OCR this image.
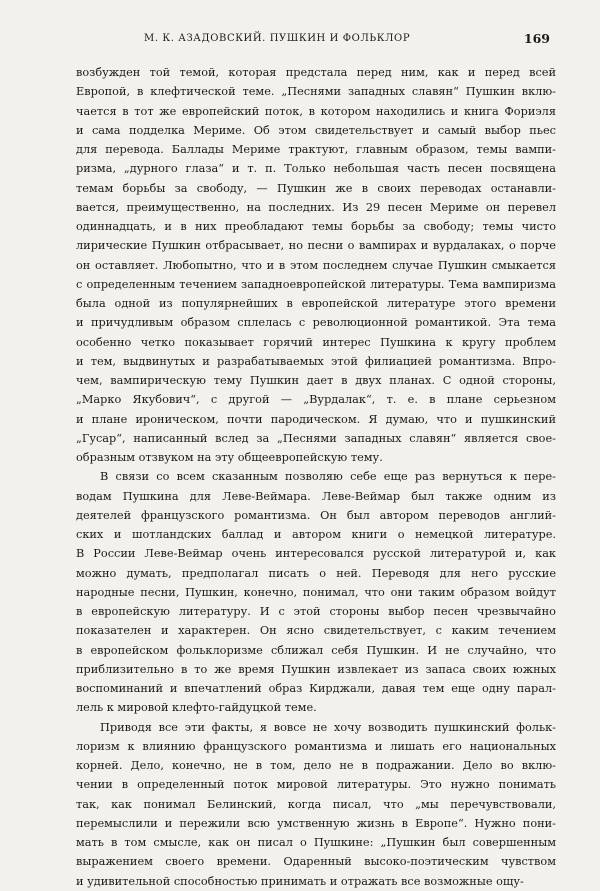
М. К. АЗАДОВСКИЙ. ПУШКИН И ФОЛЬКЛОР	169
возбужден той темой, которая предстала перед ним, как и перед всей
Европой, в клефтической теме. „Песнями западных славян“ Пушкин вклю-
чается в тот же европейский поток, в котором находились и книга Фориэля
и сама подделка Мериме. Об этом свидетельствует и самый выбор пьес
для перевода. Баллады Мериме трактуют, главным образом, темы вампи-
ризма, „дурного глаза“ и т. п. Только небольшая часть песен посвящена
темам борьбы за свободу, — Пушкин же в своих переводах останавли-
вается, преимущественно, на последних. Из 29 песен Мериме он перевел
одиннадцать, и в них преобладают темы борьбы за свободу; темы чисто
лирические Пушкин отбрасывает, но песни о вампирах и вурдалаках, о порче
он оставляет. Любопытно, что и в этом последнем случае Пушкин смыкается
с определенным течением западноевропейской литературы. Тема вампиризма
была одной из популярнейших в европейской литературе этого времени
и причудливым образом сплелась с революционной романтикой. Эта тема
особенно четко показывает горячий интерес Пушкина к кругу проблем
и тем, выдвинутых и разрабатываемых этой филиацией романтизма. Впро-
чем, вампирическую тему Пушкин дает в двух планах. С одной стороны,
„Марко Якубович“, с другой — „Вурдалак“, т. е. в плане серьезном
и плане ироническом, почти пародическом. Я думаю, что и пушкинский
„Гусар“, написанный вслед за „Песнями западных славян“ является свое-
образным отзвуком на эту общеевропейскую тему.
В связи со всем сказанным позволяю себе еще раз вернуться к пере-
водам Пушкина для Леве-Веймара. Леве-Веймар был также одним из
деятелей французского романтизма. Он был автором переводов англий-
ских и шотландских баллад и автором книги о немецкой литературе.
В России Леве-Веймар очень интересовался русской литературой и, как
можно думать, предполагал писать о ней. Переводя для него русские
народные песни, Пушкин, конечно, понимал, что они таким образом войдут
в европейскую литературу. И с этой стороны выбор песен чрезвычайно
показателен и характерен. Он ясно свидетельствует, с каким течением
в европейском фольклоризме сближал себя Пушкин. И не случайно, что
приблизительно в то же время Пушкин извлекает из запаса своих южных
воспоминаний и впечатлений образ Кирджали, давая тем еще одну парал-
лель к мировой клефто-гайдуцкой теме.
Приводя все эти факты, я вовсе не хочу возводить пушкинский фольк-
лоризм к влиянию французского романтизма и лишать его национальных
корней. Дело, конечно, не в том, дело не в подражании. Дело во вклю-
чении в определенный поток мировой литературы. Это нужно понимать
так, как понимал Белинский, когда писал, что „мы перечувствовали,
перемыслили и пережили всю умственную жизнь в Европе“. Нужно пони-
мать в том смысле, как он писал о Пушкине: „Пушкин был совершенным
выражением своего времени. Одаренный высоко-поэтическим чувством
и удивительной способностью принимать и отражать все возможные ощу-
